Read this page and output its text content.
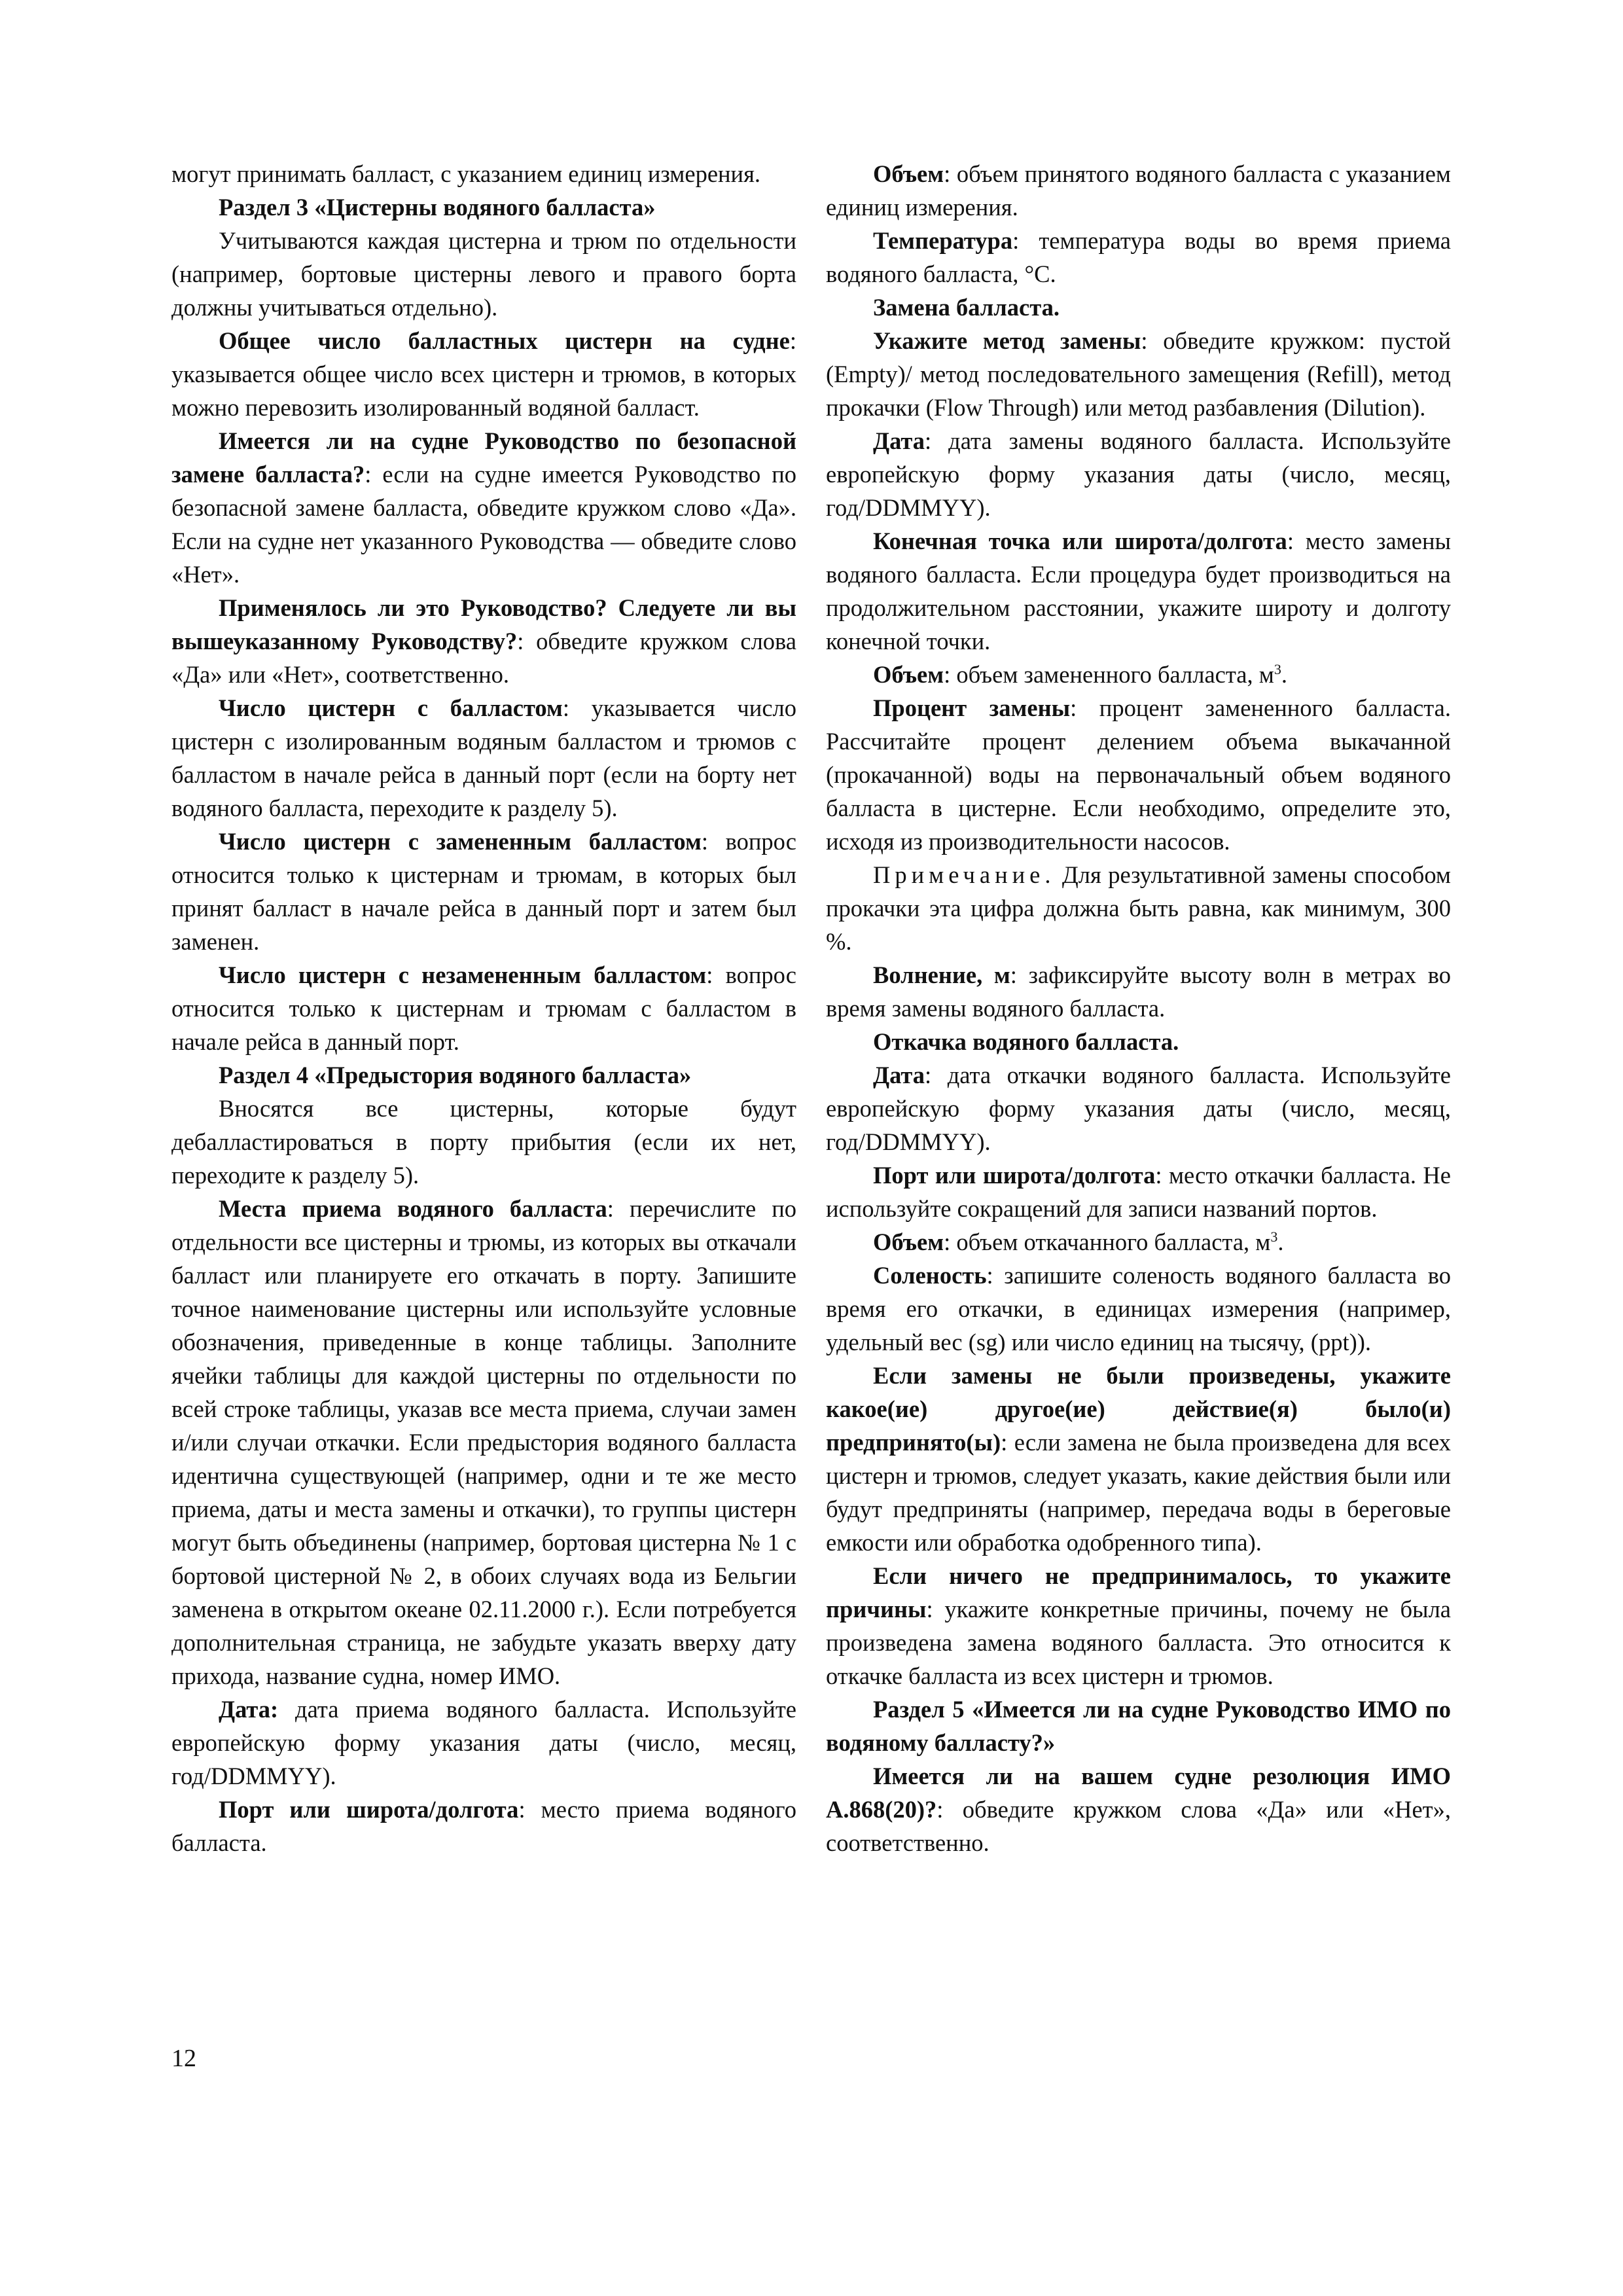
могут принимать балласт, с указанием единиц измерения.

Раздел 3 «Цистерны водяного балласта»

Учитываются каждая цистерна и трюм по отдельности (например, бортовые цистерны левого и правого борта должны учитываться отдельно).

Общее число балластных цистерн на судне: указывается общее число всех цистерн и трюмов, в которых можно перевозить изолированный водяной балласт.

Имеется ли на судне Руководство по безопасной замене балласта?: если на судне имеется Руководство по безопасной замене балласта, обведите кружком слово «Да». Если на судне нет указанного Руководства — обведите слово «Нет».

Применялось ли это Руководство? Следуете ли вы вышеуказанному Руководству?: обведите кружком слова «Да» или «Нет», соответственно.

Число цистерн с балластом: указывается число цистерн с изолированным водяным балластом и трюмов с балластом в начале рейса в данный порт (если на борту нет водяного балласта, переходите к разделу 5).

Число цистерн с замененным балластом: вопрос относится только к цистернам и трюмам, в которых был принят балласт в начале рейса в данный порт и затем был заменен.

Число цистерн с незамененным балластом: вопрос относится только к цистернам и трюмам с балластом в начале рейса в данный порт.

Раздел 4 «Предыстория водяного балласта»

Вносятся все цистерны, которые будут дебалластироваться в порту прибытия (если их нет, переходите к разделу 5).

Места приема водяного балласта: перечислите по отдельности все цистерны и трюмы, из которых вы откачали балласт или планируете его откачать в порту. Запишите точное наименование цистерны или используйте условные обозначения, приведенные в конце таблицы. Заполните ячейки таблицы для каждой цистерны по отдельности по всей строке таблицы, указав все места приема, случаи замен и/или случаи откачки. Если предыстория водяного балласта идентична существующей (например, одни и те же место приема, даты и места замены и откачки), то группы цистерн могут быть объединены (например, бортовая цистерна № 1 с бортовой цистерной № 2, в обоих случаях вода из Бельгии заменена в открытом океане 02.11.2000 г.). Если потребуется дополнительная страница, не забудьте указать вверху дату прихода, название судна, номер ИМО.

Дата: дата приема водяного балласта. Используйте европейскую форму указания даты (число, месяц, год/DDMMYY).

Порт или широта/долгота: место приема водяного балласта.

Объем: объем принятого водяного балласта с указанием единиц измерения.

Температура: температура воды во время приема водяного балласта, °С.

Замена балласта.

Укажите метод замены: обведите кружком: пустой (Empty)/ метод последовательного замещения (Refill), метод прокачки (Flow Through) или метод разбавления (Dilution).

Дата: дата замены водяного балласта. Используйте европейскую форму указания даты (число, месяц, год/DDMMYY).

Конечная точка или широта/долгота: место замены водяного балласта. Если процедура будет производиться на продолжительном расстоянии, укажите широту и долготу конечной точки.

Объем: объем замененного балласта, $м^3$.

Процент замены: процент замененного балласта. Рассчитайте процент делением объема выкачанной (прокачанной) воды на первоначальный объем водяного балласта в цистерне. Если необходимо, определите это, исходя из производительности насосов.

Примечание. Для результативной замены способом прокачки эта цифра должна быть равна, как минимум, 300 %.

Волнение, м: зафиксируйте высоту волн в метрах во время замены водяного балласта.

Откачка водяного балласта.

Дата: дата откачки водяного балласта. Используйте европейскую форму указания даты (число, месяц, год/DDMMYY).

Порт или широта/долгота: место откачки балласта. Не используйте сокращений для записи названий портов.

Объем: объем откачанного балласта, $м^3$.

Соленость: запишите соленость водяного балласта во время его откачки, в единицах измерения (например, удельный вес (sg) или число единиц на тысячу, (ppt)).

Если замены не были произведены, укажите какое(ие) другое(ие) действие(я) было(и) предпринято(ы): если замена не была произведена для всех цистерн и трюмов, следует указать, какие действия были или будут предприняты (например, передача воды в береговые емкости или обработка одобренного типа).

Если ничего не предпринималось, то укажите причины: укажите конкретные причины, почему не была произведена замена водяного балласта. Это относится к откачке балласта из всех цистерн и трюмов.

Раздел 5 «Имеется ли на судне Руководство ИМО по водяному балласту?»

Имеется ли на вашем судне резолюция ИМО А.868(20)?: обведите кружком слова «Да» или «Нет», соответственно.

12
